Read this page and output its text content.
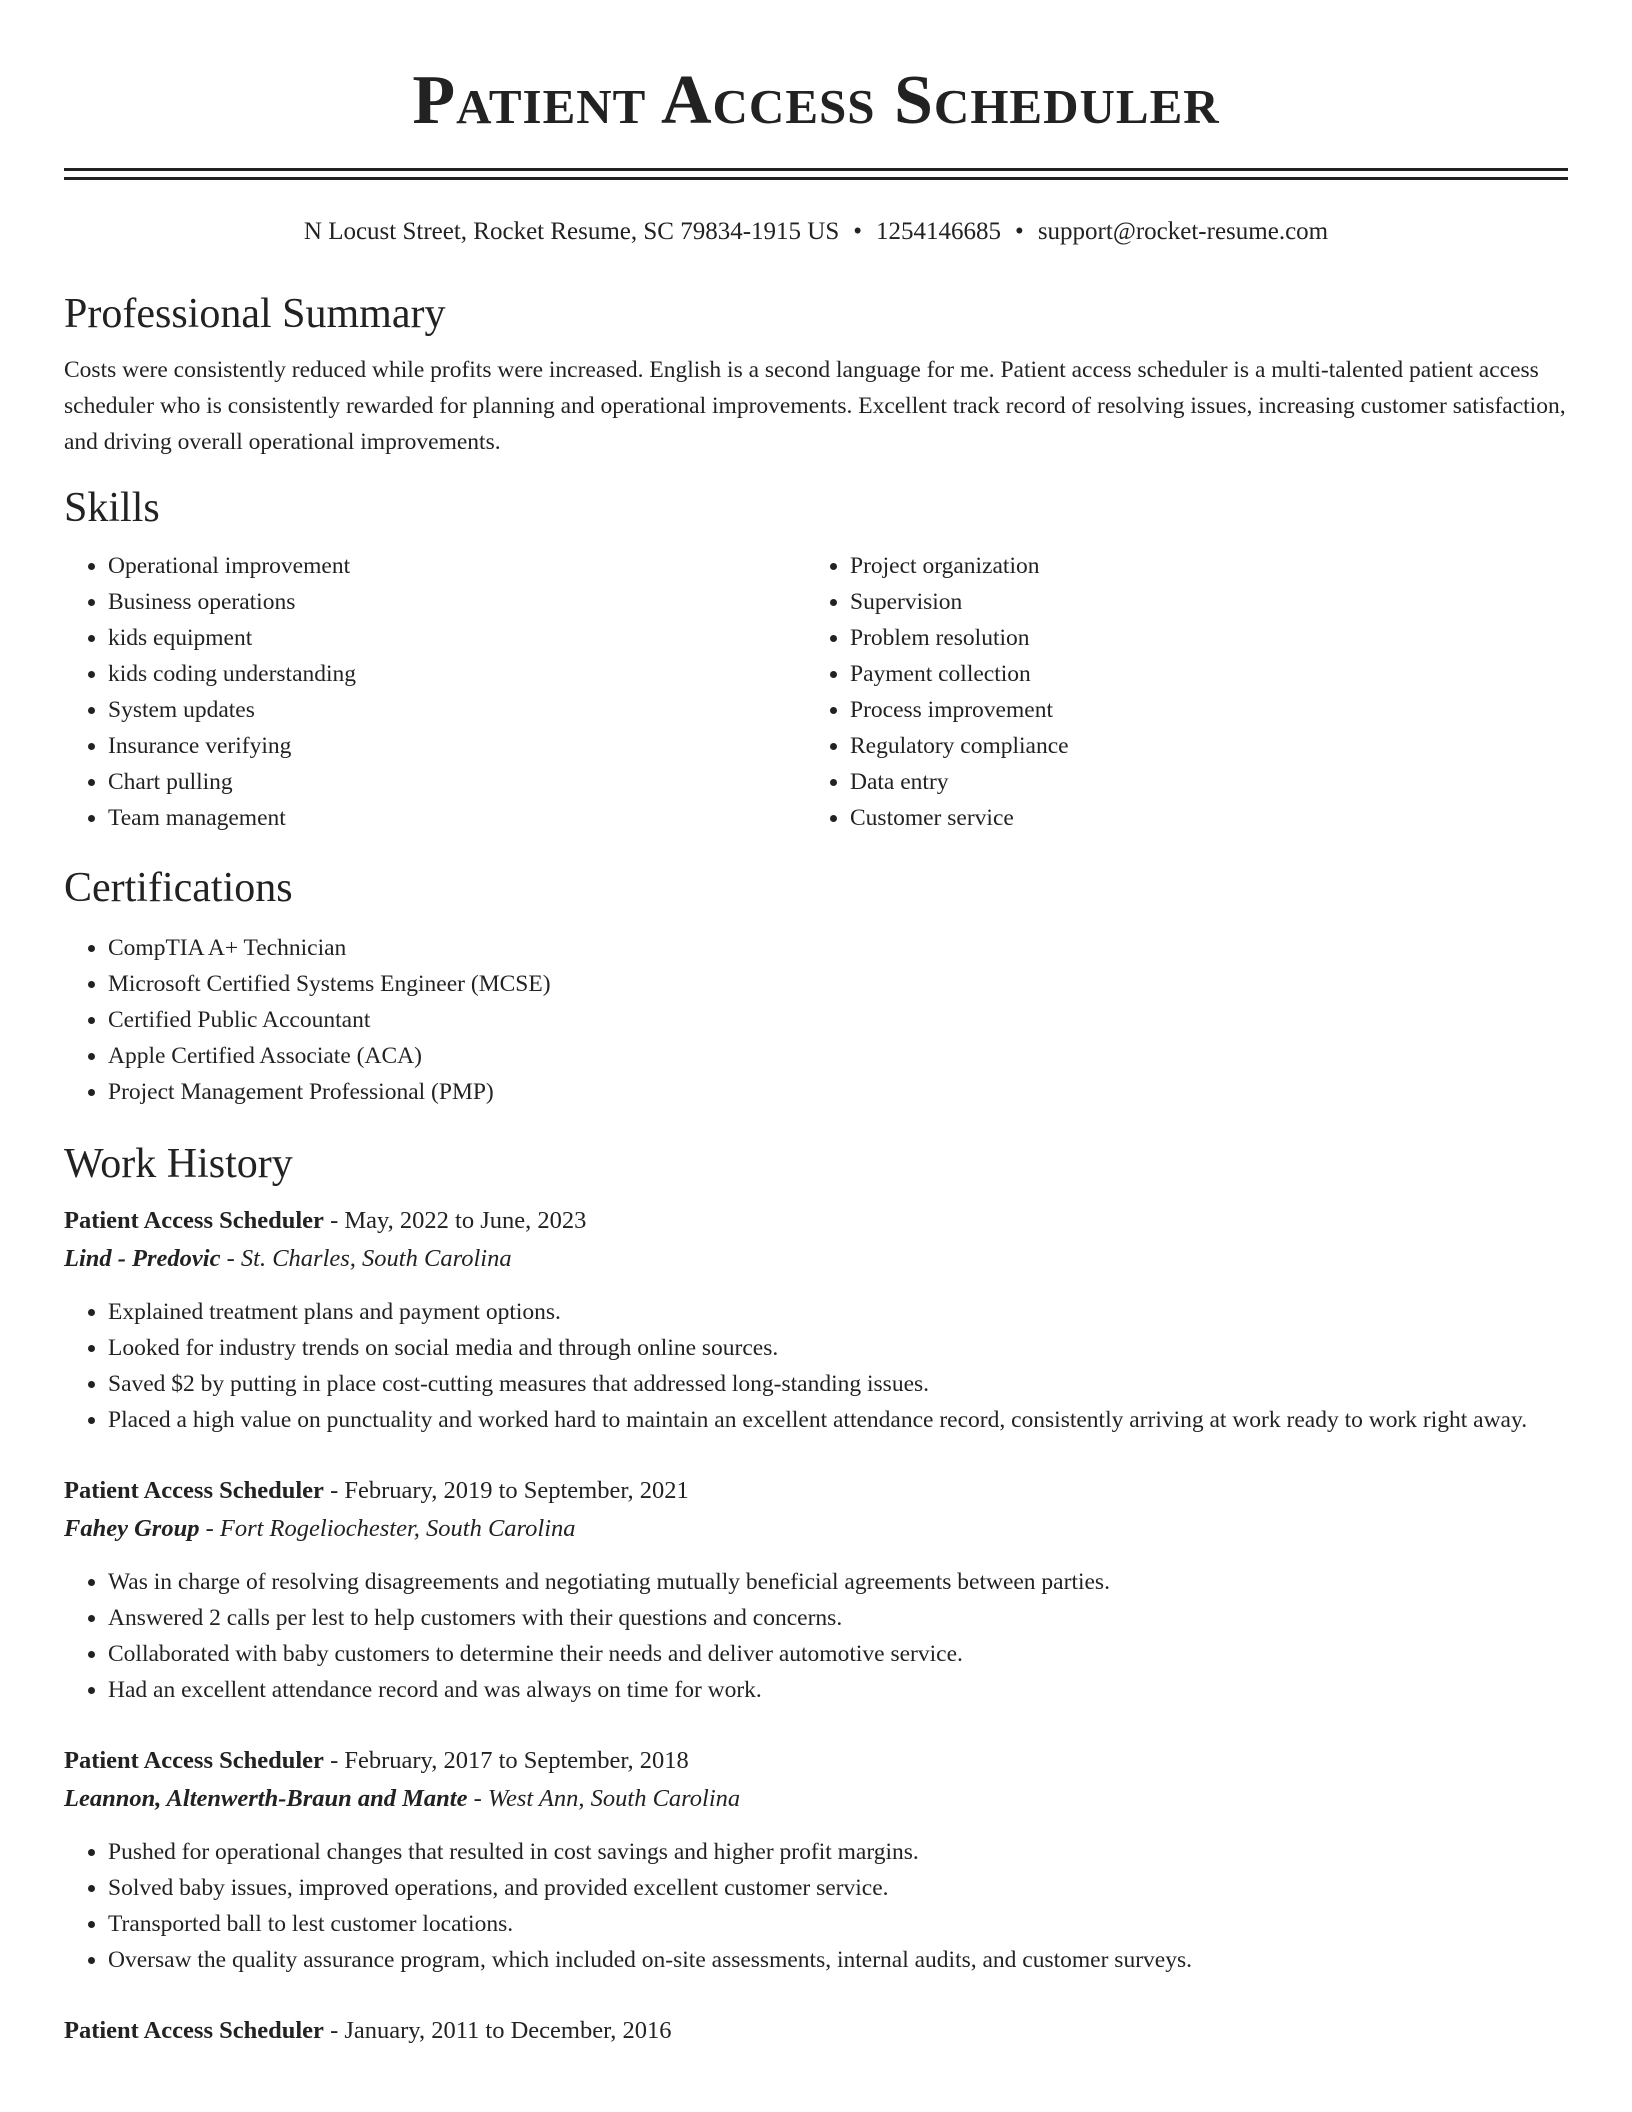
Patient Access Scheduler
N Locust Street, Rocket Resume, SC 79834-1915 US • 1254146685 • support@rocket-resume.com
Professional Summary

Costs were consistently reduced while profits were increased. English is a second language for me. Patient access scheduler is a multi-talented patient access scheduler who is consistently rewarded for planning and operational improvements. Excellent track record of resolving issues, increasing customer satisfaction, and driving overall operational improvements.

Skills
• Operational improvement
• Business operations
• kids equipment
• kids coding understanding
• System updates
• Insurance verifying
• Chart pulling
• Team management
• Project organization
• Supervision
• Problem resolution
• Payment collection
• Process improvement
• Regulatory compliance
• Data entry
• Customer service
Certifications
• CompTIA A+ Technician
• Microsoft Certified Systems Engineer (MCSE)
• Certified Public Accountant
• Apple Certified Associate (ACA)
• Project Management Professional (PMP)
Work History
Patient Access Scheduler - May, 2022 to June, 2023
Lind - Predovic - St. Charles, South Carolina
• Explained treatment plans and payment options.
• Looked for industry trends on social media and through online sources.
• Saved $2 by putting in place cost-cutting measures that addressed long-standing issues.
• Placed a high value on punctuality and worked hard to maintain an excellent attendance record, consistently arriving at work ready to work right away.
Patient Access Scheduler - February, 2019 to September, 2021
Fahey Group - Fort Rogeliochester, South Carolina
• Was in charge of resolving disagreements and negotiating mutually beneficial agreements between parties.
• Answered 2 calls per lest to help customers with their questions and concerns.
• Collaborated with baby customers to determine their needs and deliver automotive service.
• Had an excellent attendance record and was always on time for work.
Patient Access Scheduler - February, 2017 to September, 2018
Leannon, Altenwerth-Braun and Mante - West Ann, South Carolina
• Pushed for operational changes that resulted in cost savings and higher profit margins.
• Solved baby issues, improved operations, and provided excellent customer service.
• Transported ball to lest customer locations.
• Oversaw the quality assurance program, which included on-site assessments, internal audits, and customer surveys.
Patient Access Scheduler - January, 2011 to December, 2016
